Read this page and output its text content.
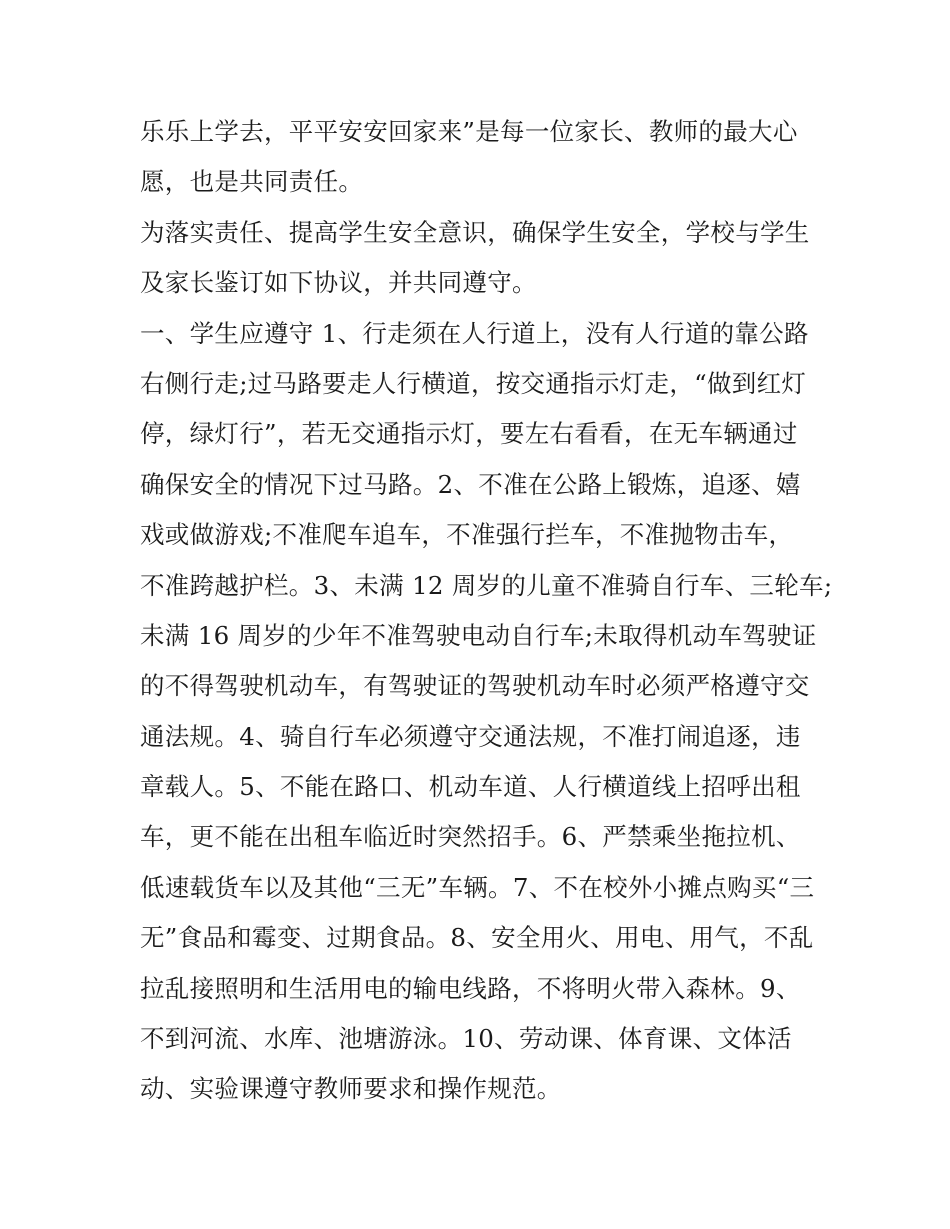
乐乐上学去，平平安安回家来”是每一位家长、教师的最大心
愿，也是共同责任。
为落实责任、提高学生安全意识，确保学生安全，学校与学生
及家长鉴订如下协议，并共同遵守。
一、学生应遵守 1、行走须在人行道上，没有人行道的靠公路
右侧行走;过马路要走人行横道，按交通指示灯走，“做到红灯
停，绿灯行”，若无交通指示灯，要左右看看，在无车辆通过
确保安全的情况下过马路。2、不准在公路上锻炼，追逐、嬉
戏或做游戏;不准爬车追车，不准强行拦车，不准抛物击车，
不准跨越护栏。3、未满 12 周岁的儿童不准骑自行车、三轮车;
未满 16 周岁的少年不准驾驶电动自行车;未取得机动车驾驶证
的不得驾驶机动车，有驾驶证的驾驶机动车时必须严格遵守交
通法规。4、骑自行车必须遵守交通法规，不准打闹追逐，违
章载人。5、不能在路口、机动车道、人行横道线上招呼出租
车，更不能在出租车临近时突然招手。6、严禁乘坐拖拉机、
低速载货车以及其他“三无”车辆。7、不在校外小摊点购买“三
无”食品和霉变、过期食品。8、安全用火、用电、用气，不乱
拉乱接照明和生活用电的输电线路，不将明火带入森林。9、
不到河流、水库、池塘游泳。10、劳动课、体育课、文体活
动、实验课遵守教师要求和操作规范。
